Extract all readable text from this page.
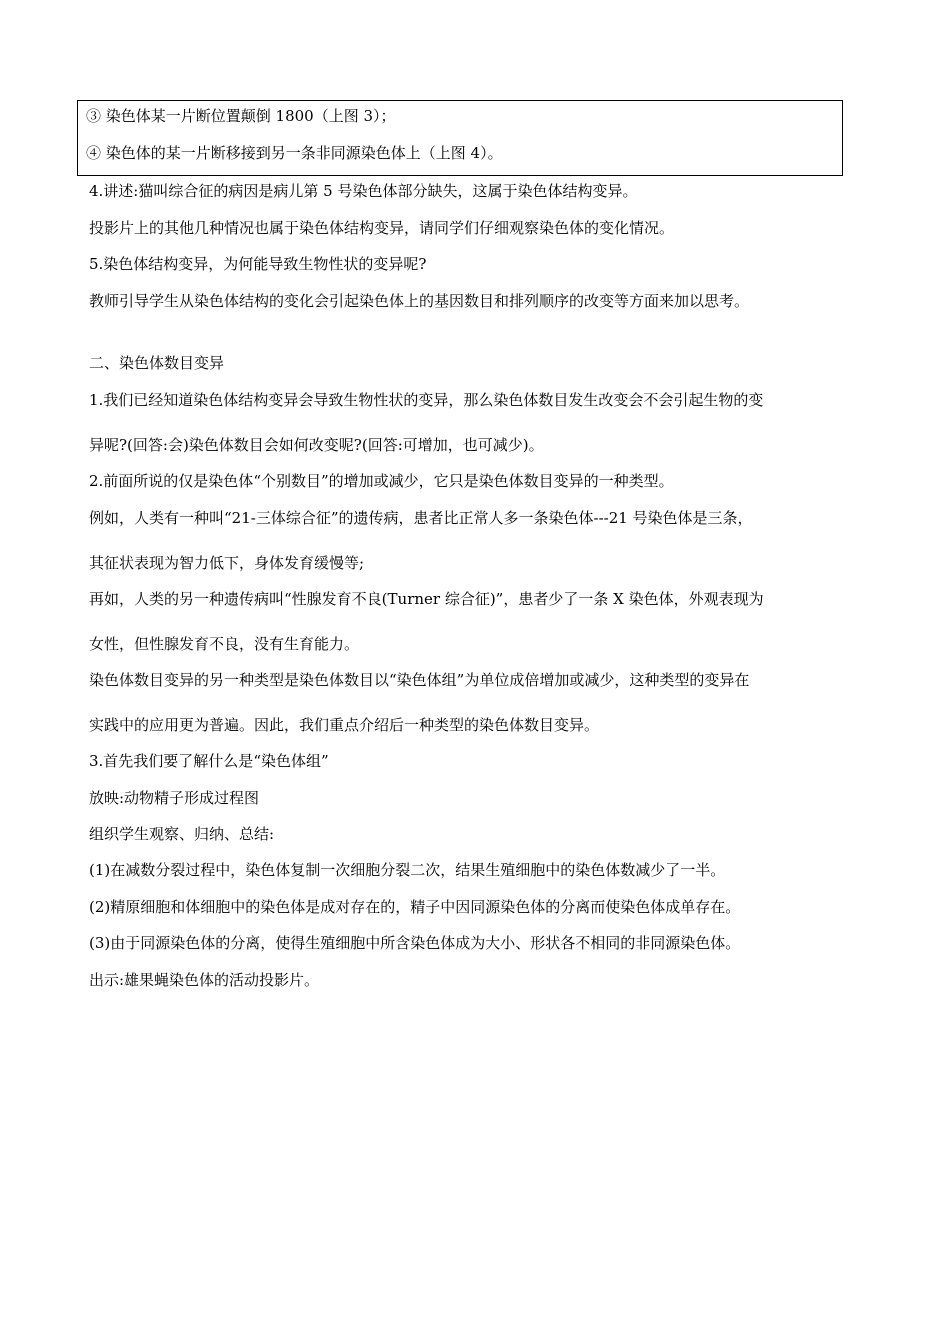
③ 染色体某一片断位置颠倒 1800（上图 3）；
④ 染色体的某一片断移接到另一条非同源染色体上（上图 4）。
4.讲述:猫叫综合征的病因是病儿第 5 号染色体部分缺失，这属于染色体结构变异。
投影片上的其他几种情况也属于染色体结构变异，请同学们仔细观察染色体的变化情况。
5.染色体结构变异，为何能导致生物性状的变异呢?
教师引导学生从染色体结构的变化会引起染色体上的基因数目和排列顺序的改变等方面来加以思考。
二、染色体数目变异
1.我们已经知道染色体结构变异会导致生物性状的变异，那么染色体数目发生改变会不会引起生物的变
异呢?(回答:会)染色体数目会如何改变呢?(回答:可增加，也可减少)。
2.前面所说的仅是染色体“个别数目”的增加或减少，它只是染色体数目变异的一种类型。
例如，人类有一种叫“21-三体综合征”的遗传病，患者比正常人多一条染色体---21 号染色体是三条，
其征状表现为智力低下，身体发育缓慢等;
再如，人类的另一种遗传病叫“性腺发育不良(Turner 综合征)”，患者少了一条 X 染色体，外观表现为
女性，但性腺发育不良，没有生育能力。
染色体数目变异的另一种类型是染色体数目以“染色体组”为单位成倍增加或减少，这种类型的变异在
实践中的应用更为普遍。因此，我们重点介绍后一种类型的染色体数目变异。
3.首先我们要了解什么是“染色体组”
放映:动物精子形成过程图
组织学生观察、归纳、总结:
(1)在减数分裂过程中，染色体复制一次细胞分裂二次，结果生殖细胞中的染色体数减少了一半。
(2)精原细胞和体细胞中的染色体是成对存在的，精子中因同源染色体的分离而使染色体成单存在。
(3)由于同源染色体的分离，使得生殖细胞中所含染色体成为大小、形状各不相同的非同源染色体。
出示:雄果蝇染色体的活动投影片。
